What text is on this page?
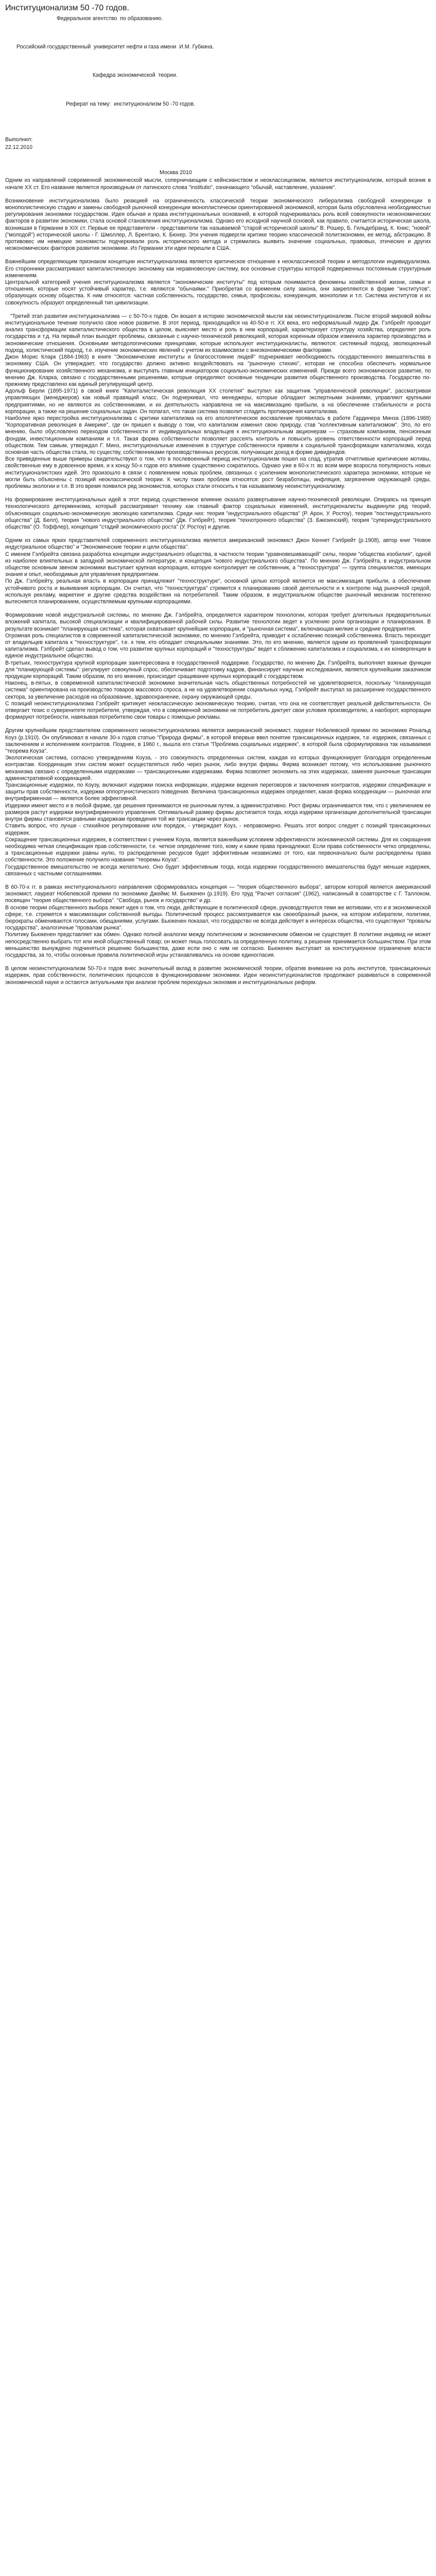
Институционализм 50 -70 годов.
Федеральное агентство  по образованию.
Российский государственный  университет нефти и газа имени  И.М. Губкина.
Кафедра экономической  теории.
Реферат на тему:  институционализм 50 -70 годов.
Выполнил:
22.12.2010
Москва 2010

Одним из направлений современной экономической мысли, соперничающим с кейнсианством и неоклассицизмом, является институционализм, который возник в начале XX ст. Его название является производным от латинского слова "institutio", означающего "обычай, наставление, указание".

Возникновение институционализма было реакцией на ограниченность классической теории экономического либерализма свободной конкуренции в монополистическую стадию и замены свободной рыночной конкуренции моноплистически ориентированной экономикой, которая была обусловлена необходимостью регулирования экономики государством. Идея обычая и права институциональных оснований, в которой подчеркивалась роль всей совокупности неэкономических факторов в развитии экономики, стала основой становления институционализма. Однако его исходной научной основой, как правило, считается историческая школа, возникшая в Германии в XIX ст. Первые ее представители - представители так называемой "старой исторической школы" В. Рошер, Б. Гильдебранд, К. Книс; "новой" ("молодой") исторической школы - Г. Шмоллер, Л. Брентано, К. Бюхер. Эти учения подвергли критике теорию классической политэкономии, ее метод, абстракцию. В противовес им немецкие экономисты подчеркивали роль исторического метода и стремились выявить значение социальных, правовых, этических и других неэкономических факторов развития экономики. Из Германии эти идеи перешли в США.

Важнейшим определяющим признаком концепции институционализма является критическое отношение к неоклассической теории и методологии индивидуализма. Его сторонники рассматривают капиталистическую экономику как неравновесную систему, все основные структуры которой подверженных постоянным структурным изменениям.

Центральной категорией учения институционализма является "экономические институты" под которым понимаются феномены хозяйственной жизни, семьи и отношения, которые носят устойчивый характер, т.е. являются "обычаями." Приобретая со временем силу закона, они закрепляются в форме "институтов", образующих основу общества. К ним относятся: частная собственность, государство, семья, профсоюзы, конкуренция, монополии и т.п. Система институтов и их совокупность образуют определенный тип цивилизации.

"Третий этап развития институционализма — с 50-70-х годов. Он вошел в историю экономической мысли как неоинституционализм. После второй мировой войны институциональное течение получило свое новое развитие. В этот период, приходящийся на 40-50-е гг. XX века, его неформальный лидер Дж. Гэлбрейт проводит анализ трансформации капиталистического общества в целом, выясняет место и роль в нем корпораций, характеризует структуру хозяйства, определяет роль государства и т.д. На первый план выходят проблемы, связанные с научно-технической революцией, которая коренным образом изменила характер производства и экономические отношения. Основными методологическими принципами, которые используют институционалисты, являются: системный подход, эволюционный подход, холистический подход, т.е. изучение экономических явлений с учетом их взаимосвязи с внеэкономическими факторами.

Джон Морис Кларк (1884-1963) в книге "Экономические институты и благосостояние людей" подчеркивает необходимость государственного вмешательства в экономику США. Он утверждает, что государство должно активно воздействовать на "рыночную стихию", которая не способна обеспечить нормальное функционирование хозяйственного механизма, и выступать главным инициатором социально-экономических изменений. Прежде всего экономическое развитие, по мнению Дж. Кларка, связано с государственными решениями, которые определяют основные тенденции развития общественного производства. Государство по-прежнему представлено как единый регулирующий центр.

Адольф Берли (1895-1971) в своей книге "Капиталистическая революция XX столетия" выступил как защитник "управленческой революции", рассматривая управляющих (менеджеров) как новый правящий класс. Он подчеркивал, что менеджеры, которые обладают экспертными знаниями, управляют крупными предприятиями, но не являются их собственниками, и их деятельность направлена не на максимизацию прибыли, а на обеспечение стабильности и роста корпорации, а также на решение социальных задач. Он полагал, что такая система позволит сгладить противоречия капитализма.

Наиболее ярко перестройка институционализма с критики капитализма на его апологетическое восхваление проявилась в работе Гардинера Минза (1896-1988) "Корпоративная революция в Америке", где он пришел к выводу о том, что капитализм изменил свою природу, став "коллективным капитализмом". Это, по его мнению, было обусловлено переходом собственности от индивидуальных владельцев к институциональным акционерам — страховым компаниям, пенсионным фондам, инвестиционным компаниям и т.п. Такая форма собственности позволяет рассеять контроль и повысить уровень ответственности корпораций перед обществом. Тем самым, утверждал Г. Минз, институциональные изменения в структуре собственности привели к социальной трансформации капитализма, когда основная часть общества стала, по существу, собственниками производственных ресурсов, получающих доход в форме дивидендов.

Все приведенные выше примеры свидетельствуют о том, что в послевоенный период институционализм пошел на спад, утратив отчетливые критические мотивы, свойственные ему в довоенное время, и к концу 50-х годов его влияние существенно сократилось. Однако уже в 60-х гг. во всем мире возросла популярность новых институционалистских идей. Это произошло в связи с появлением новых проблем, связанных с усилением монополистического характера экономики, которые не могли быть объяснены с позиций неоклассической теории. К числу таких проблем относятся: рост безработицы, инфляция, загрязнение окружающей среды, проблемы экологии и т.п. В это время появился ряд экономистов, которых стали относить к так называемому неоинституционализму.

На формирование институциональных идей в этот период существенное влияние оказало развертывание научно-технической революции. Опираясь на принцип технологического детерминизма, который рассматривает технику как главный фактор социальных изменений, институционалисты выдвинули ряд теорий, объясняющих социально-экономическую эволюцию капитализма. Среди них: теория "индустриального общества" (Р. Арон, У. Ростоу), теория "постиндустриального общества" (Д. Белл), теория "нового индустриального общества" (Дж. Гэлбрейт), теория "технотронного общества" (З. Бжезинский), теория "супериндустриального общества" (О. Тоффлер), концепция "стадий экономического роста" (У. Ростоу) и другие.

Одним из самых ярких представителей современного институционализма является американский экономист Джон Кеннет Гэлбрейт (р.1908), автор книг "Новое индустриальное общество" и "Экономические теории и цели общества".

С именем Гэлбрейта связана разработка концепции индустриального общества, в частности теории "уравновешивающей" силы, теории "общества изобилия", одной из наиболее влиятельных в западной экономической литературе, и концепция "нового индустриального общества". По мнению Дж. Гэлбрейта, в индустриальном обществе основным звеном экономики выступает крупная корпорация, которую контролирует не собственник, а "техноструктура" — группа специалистов, имеющих знания и опыт, необходимые для управления предприятием.

По Дж. Гэлбрейту, реальная власть в корпорации принадлежит "техноструктуре", основной целью которой является не максимизация прибыли, а обеспечение устойчивого роста и выживания корпорации. Он считал, что "техноструктура" стремится к планированию своей деятельности и к контролю над рыночной средой, используя рекламу, маркетинг и другие средства воздействия на потребителей. Таким образом, в индустриальном обществе рыночный механизм постепенно вытесняется планированием, осуществляемым крупными корпорациями.

Формирование новой индустриальной системы, по мнению Дж. Гэлбрейта, определяется характером технологии, которая требует длительных предварительных вложений капитала, высокой специализации и квалифицированной рабочей силы. Развитие технологии ведет к усилению роли организации и планирования. В результате возникает "планирующая система", которая охватывает крупнейшие корпорации, и "рыночная система", включающая мелкие и средние предприятия.

Огромная роль специалистов в современной капиталистической экономике, по мнению Гэлбрейта, приводит к ослаблению позиций собственника. Власть переходит от владельцев капитала к "техноструктуре", т.е. к тем, кто обладает специальными знаниями. Это, по его мнению, является одним из проявлений трансформации капитализма. Гэлбрейт сделал вывод о том, что развитие крупных корпораций и "техноструктуры" ведет к сближению капитализма и социализма, к их конвергенции в единое индустриальное общество.

В-третьих, техноструктура крупной корпорации заинтересована в государственной поддержке. Государство, по мнению Дж. Гэлбрейта, выполняет важные функции для "планирующей системы": регулирует совокупный спрос, обеспечивает подготовку кадров, финансирует научные исследования, является крупнейшим заказчиком продукции корпораций. Таким образом, по его мнению, происходит сращивание крупных корпораций с государством.

Наконец, в-пятых, в современной капиталистической экономике значительная часть общественных потребностей не удовлетворяется, поскольку "планирующая система" ориентирована на производство товаров массового спроса, а не на удовлетворение социальных нужд. Гэлбрейт выступал за расширение государственного сектора, за увеличение расходов на образование, здравоохранение, охрану окружающей среды.

С позиций неоинституционализма Гэлбрейт критикует неоклассическую экономическую теорию, считая, что она не соответствует реальной действительности. Он отвергает тезис о суверенитете потребителя, утверждая, что в современной экономике не потребитель диктует свои условия производителю, а наоборот, корпорации формируют потребности, навязывая потребителю свои товары с помощью рекламы.

Другим крупнейшим представителем современного неоинституционализма является американский экономист, лауреат Нобелевской премии по экономике Рональд Коуз (р.1910). Он опубликовал в начале 30-х годов статью "Природа фирмы", в которой впервые ввел понятие трансакционных издержек, т.е. издержек, связанных с заключением и исполнением контрактов. Позднее, в 1960 г., вышла его статья "Проблема социальных издержек", в которой была сформулирована так называемая "теорема Коуза".

Экологическая система, согласно утверждениям Коуза, - это совокупность определенных систем, каждая из которых функционирует благодаря определенным контрактам. Координация этих систем может осуществляться либо через рынок, либо внутри фирмы. Фирма возникает потому, что использование рыночного механизма связано с определенными издержками — трансакционными издержками. Фирма позволяет экономить на этих издержках, заменяя рыночные трансакции административной координацией.

Трансакционные издержки, по Коузу, включают издержки поиска информации, издержки ведения переговоров и заключения контрактов, издержки спецификации и защиты прав собственности, издержки оппортунистического поведения. Величина трансакционных издержек определяет, какая форма координации — рыночная или внутрифирменная — является более эффективной.

Издержки имеют место и в любой фирме, где решения принимаются не рыночным путем, а административно. Рост фирмы ограничивается тем, что с увеличением ее размеров растут издержки внутрифирменного управления. Оптимальный размер фирмы достигается тогда, когда издержки организации дополнительной трансакции внутри фирмы становятся равными издержкам проведения той же трансакции через рынок.

Ставить вопрос, что лучше - стихийное регулирование или порядок, - утверждает Коуз, - неправомерно. Решать этот вопрос следует с позиций трансакционных издержек.

Сокращение трансакционных издержек, в соответствии с учением Коуза, является важнейшим условием эффективности экономической системы. Для их сокращения необходима четкая спецификация прав собственности, т.е. четкое определение того, кому и какие права принадлежат. Если права собственности четко определены, а трансакционные издержки равны нулю, то распределение ресурсов будет эффективным независимо от того, как первоначально были распределены права собственности. Это положение получило название "теоремы Коуза".

Государственное вмешательство не всегда желательно. Оно будет эффективным тогда, когда издержки государственного вмешательства будут меньше издержек, связанных с частными соглашениями.

В 60-70-х гг. в рамках институционального направления сформировалась концепция — "теория общественного выбора", автором которой является американский экономист, лауреат Нобелевской премии по экономике Джеймс М. Бьюкенен (р.1919). Его труд "Расчет согласия" (1962), написанный в соавторстве с Г. Таллоком, посвящен "теория общественного выбора". "Свобода, рынок и государство" и др.

В основе теории общественного выбора лежит идея о том, что люди, действующие в политической сфере, руководствуются теми же мотивами, что и в экономической сфере, т.е. стремятся к максимизации собственной выгоды. Политический процесс рассматривается как своеобразный рынок, на котором избиратели, политики, бюрократы обмениваются голосами, обещаниями, услугами. Бьюкенен показал, что государство не всегда действует в интересах общества, что существуют "провалы государства", аналогичные "провалам рынка".

Политику Бьюкенен представляет как обмен. Однако полной аналогии между политическим и экономическим обменом не существует. В политике индивид не может непосредственно выбрать тот или иной общественный товар; он может лишь голосовать за определенную политику, а решение принимается большинством. При этом меньшинство вынуждено подчиняться решению большинства, даже если оно с ним не согласно. Бьюкенен выступает за конституционное ограничение власти государства, за то, чтобы основные правила политической игры устанавливались на основе единогласия.

В целом неоинституционализм 50-70-х годов внес значительный вклад в развитие экономической теории, обратив внимание на роль институтов, трансакционных издержек, прав собственности, политических процессов в функционировании экономики. Идеи неоинституционалистов продолжают развиваться в современной экономической науке и остаются актуальными при анализе проблем переходных экономик и институциональных реформ.
